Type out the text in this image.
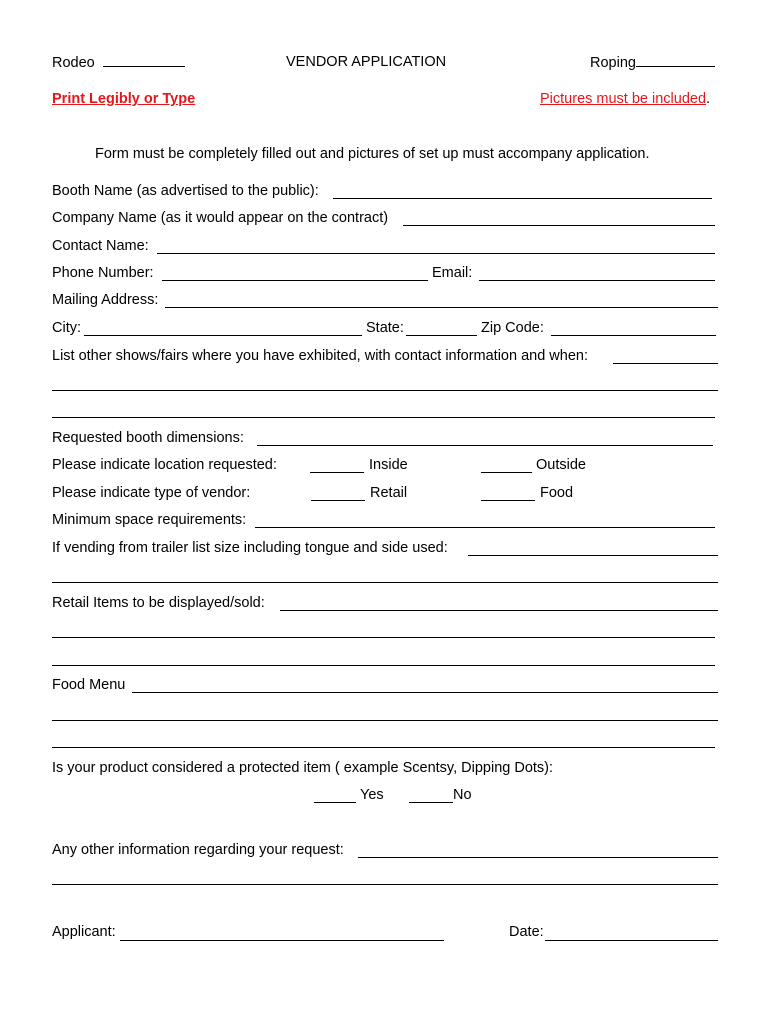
Rodeo	VENDOR APPLICATION	Roping
Print Legibly or Type	Pictures must be included.
Form must be completely filled out and pictures of set up must accompany application.
Booth Name (as advertised to the public):
Company Name (as it would appear on the contract)
Contact Name:
Phone Number:	Email:
Mailing Address:
City:	State:	Zip Code:
List other shows/fairs where you have exhibited, with contact information and when:
Requested booth dimensions:
Please indicate location requested:	Inside	Outside
Please indicate type of vendor:	Retail	Food
Minimum space requirements:
If vending from trailer list size including tongue and side used:
Retail Items to be displayed/sold:
Food Menu
Is your product considered a protected item ( example Scentsy, Dipping Dots):
Yes	No
Any other information regarding your request:
Applicant:	Date:
